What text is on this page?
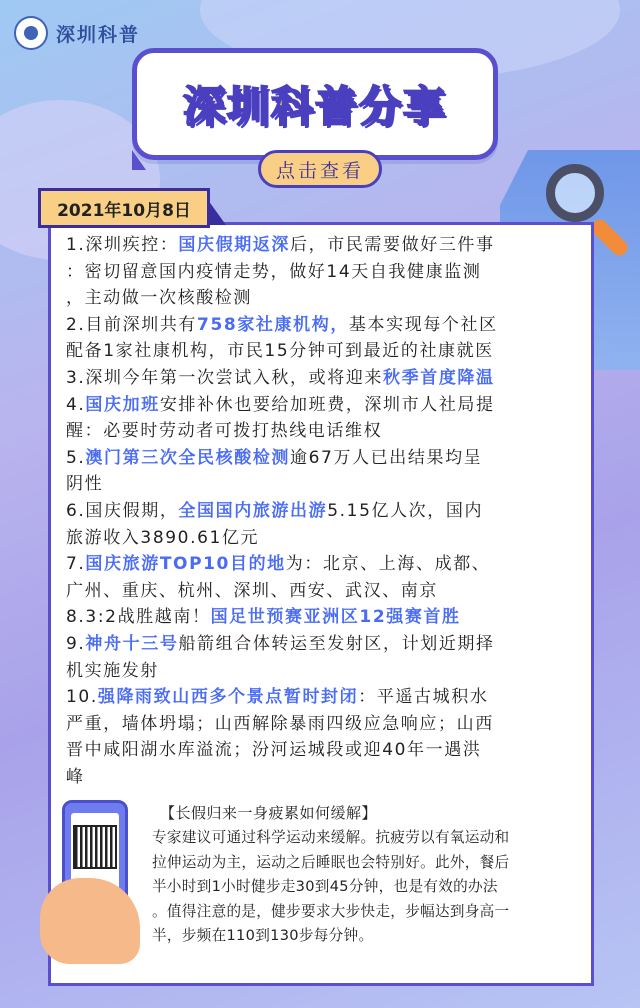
深圳科普
深圳科普分享
点击查看
2021年10月8日

1.深圳疾控：国庆假期返深后，市民需要做好三件事

：密切留意国内疫情走势，做好14天自我健康监测

，主动做一次核酸检测

2.目前深圳共有758家社康机构，基本实现每个社区

配备1家社康机构，市民15分钟可到最近的社康就医

3.深圳今年第一次尝试入秋，或将迎来秋季首度降温

4.国庆加班安排补休也要给加班费，深圳市人社局提

醒：必要时劳动者可拨打热线电话维权

5.澳门第三次全民核酸检测逾67万人已出结果均呈

阴性

6.国庆假期，全国国内旅游出游5.15亿人次，国内

旅游收入3890.61亿元

7.国庆旅游TOP10目的地为：北京、上海、成都、

广州、重庆、杭州、深圳、西安、武汉、南京

8.3:2战胜越南！国足世预赛亚洲区12强赛首胜

9.神舟十三号船箭组合体转运至发射区，计划近期择

机实施发射

10.强降雨致山西多个景点暂时封闭：平遥古城积水

严重，墙体坍塌；山西解除暴雨四级应急响应；山西

晋中咸阳湖水库溢流；汾河运城段或迎40年一遇洪

峰

【长假归来一身疲累如何缓解】

专家建议可通过科学运动来缓解。抗疲劳以有氧运动和

拉伸运动为主，运动之后睡眠也会特别好。此外，餐后

半小时到1小时健步走30到45分钟，也是有效的办法

。值得注意的是，健步要求大步快走，步幅达到身高一

半，步频在110到130步每分钟。
